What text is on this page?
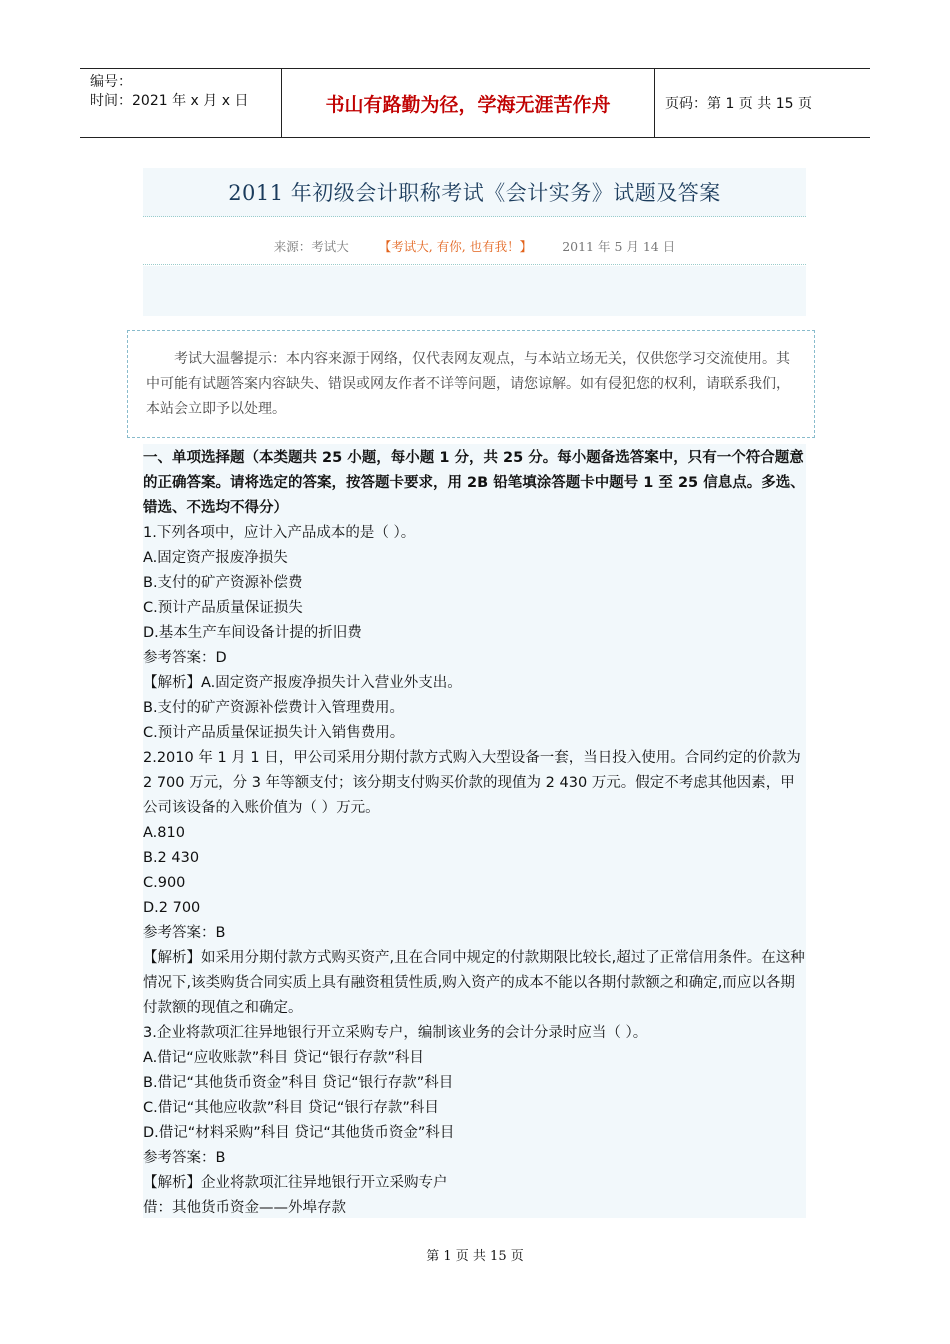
编号：
时间：2021 年 x 月 x 日	书山有路勤为径，学海无涯苦作舟	页码：第 1 页 共 15 页
2011 年初级会计职称考试《会计实务》试题及答案
来源：考试大 【考试大, 有你, 也有我！】 2011 年 5 月 14 日
考试大温馨提示：本内容来源于网络，仅代表网友观点，与本站立场无关，仅供您学习交流使用。其中可能有试题答案内容缺失、错误或网友作者不详等问题，请您谅解。如有侵犯您的权利，请联系我们，本站会立即予以处理。

一、单项选择题（本类题共 25 小题，每小题 1 分，共 25 分。每小题备选答案中，只有一个符合题意的正确答案。请将选定的答案，按答题卡要求，用 2B 铅笔填涂答题卡中题号 1 至 25 信息点。多选、错选、不选均不得分）

1.下列各项中，应计入产品成本的是（ ）。

A.固定资产报废净损失

B.支付的矿产资源补偿费

C.预计产品质量保证损失

D.基本生产车间设备计提的折旧费

参考答案：D

【解析】A.固定资产报废净损失计入营业外支出。

B.支付的矿产资源补偿费计入管理费用。

C.预计产品质量保证损失计入销售费用。

2.2010 年 1 月 1 日，甲公司采用分期付款方式购入大型设备一套，当日投入使用。合同约定的价款为 2 700 万元，分 3 年等额支付；该分期支付购买价款的现值为 2 430 万元。假定不考虑其他因素，甲公司该设备的入账价值为（ ）万元。

A.810

B.2 430

C.900

D.2 700

参考答案：B

【解析】如采用分期付款方式购买资产,且在合同中规定的付款期限比较长,超过了正常信用条件。在这种情况下,该类购货合同实质上具有融资租赁性质,购入资产的成本不能以各期付款额之和确定,而应以各期付款额的现值之和确定。

3.企业将款项汇往异地银行开立采购专户，编制该业务的会计分录时应当（ ）。

A.借记“应收账款”科目 贷记“银行存款”科目

B.借记“其他货币资金”科目 贷记“银行存款”科目

C.借记“其他应收款”科目 贷记“银行存款”科目

D.借记“材料采购”科目 贷记“其他货币资金”科目

参考答案：B

【解析】企业将款项汇往异地银行开立采购专户

借：其他货币资金——外埠存款

第 1 页 共 15 页
